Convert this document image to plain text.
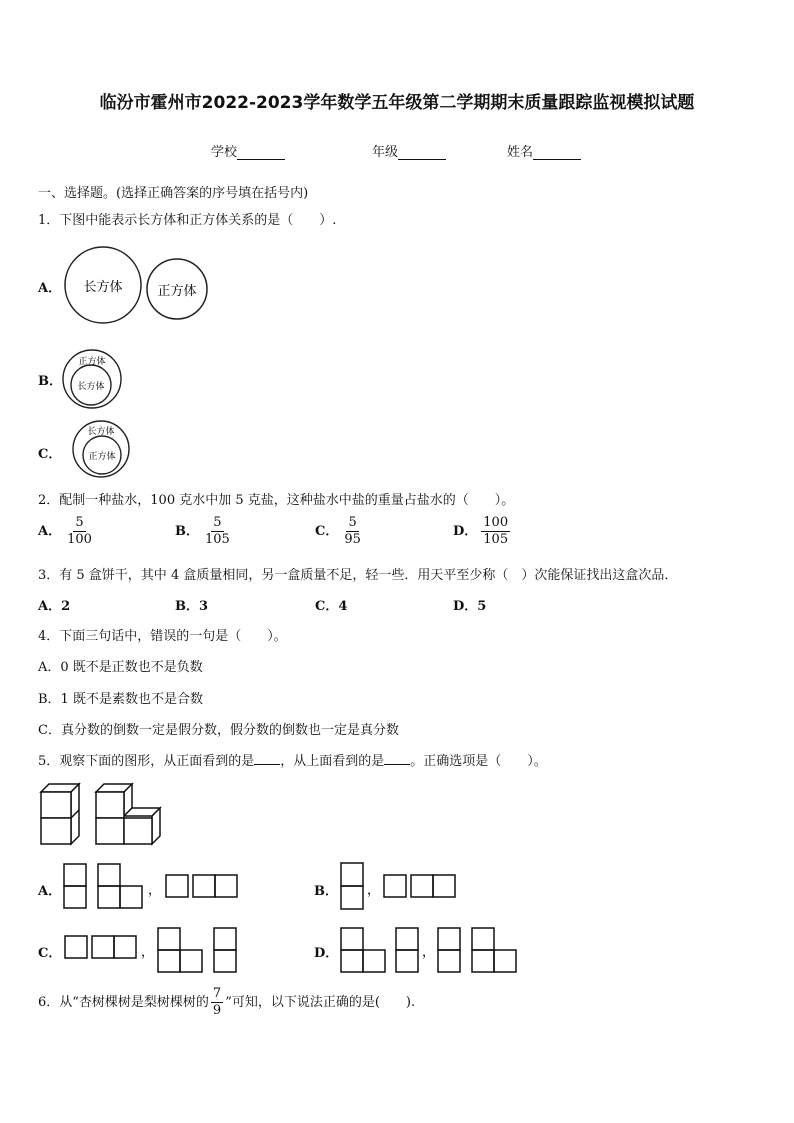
临汾市霍州市2022-2023学年数学五年级第二学期期末质量跟踪监视模拟试题
学校	年级	姓名
一、选择题。(选择正确答案的序号填在括号内)
1．下图中能表示长方体和正方体关系的是（　　）.
A． 长方体	正方体
B．
正方体
长方体
C．
长方体
正方体
2．配制一种盐水，100 克水中加 5 克盐，这种盐水中盐的重量占盐水的（　　）。
A． $\frac{5}{100}$	B． $\frac{5}{105}$	C． $\frac{5}{95}$	D． $\frac{100}{105}$
3．有 5 盒饼干，其中 4 盒质量相同，另一盒质量不足，轻一些．用天平至少称（　）次能保证找出这盒次品．
A．2	B．3	C．4	D．5
4．下面三句话中，错误的一句是（　　）。
A．0 既不是正数也不是负数
B．1 既不是素数也不是合数
C．真分数的倒数一定是假分数，假分数的倒数也一定是真分数
5．观察下面的图形，从正面看到的是 ，从上面看到的是 。正确选项是（　　）。
A．	，	B． ，
C．	，	D．	，
6．从“杏树棵树是梨树棵树的 $\frac{7}{9}$ ”可知，以下说法正确的是(　　).
